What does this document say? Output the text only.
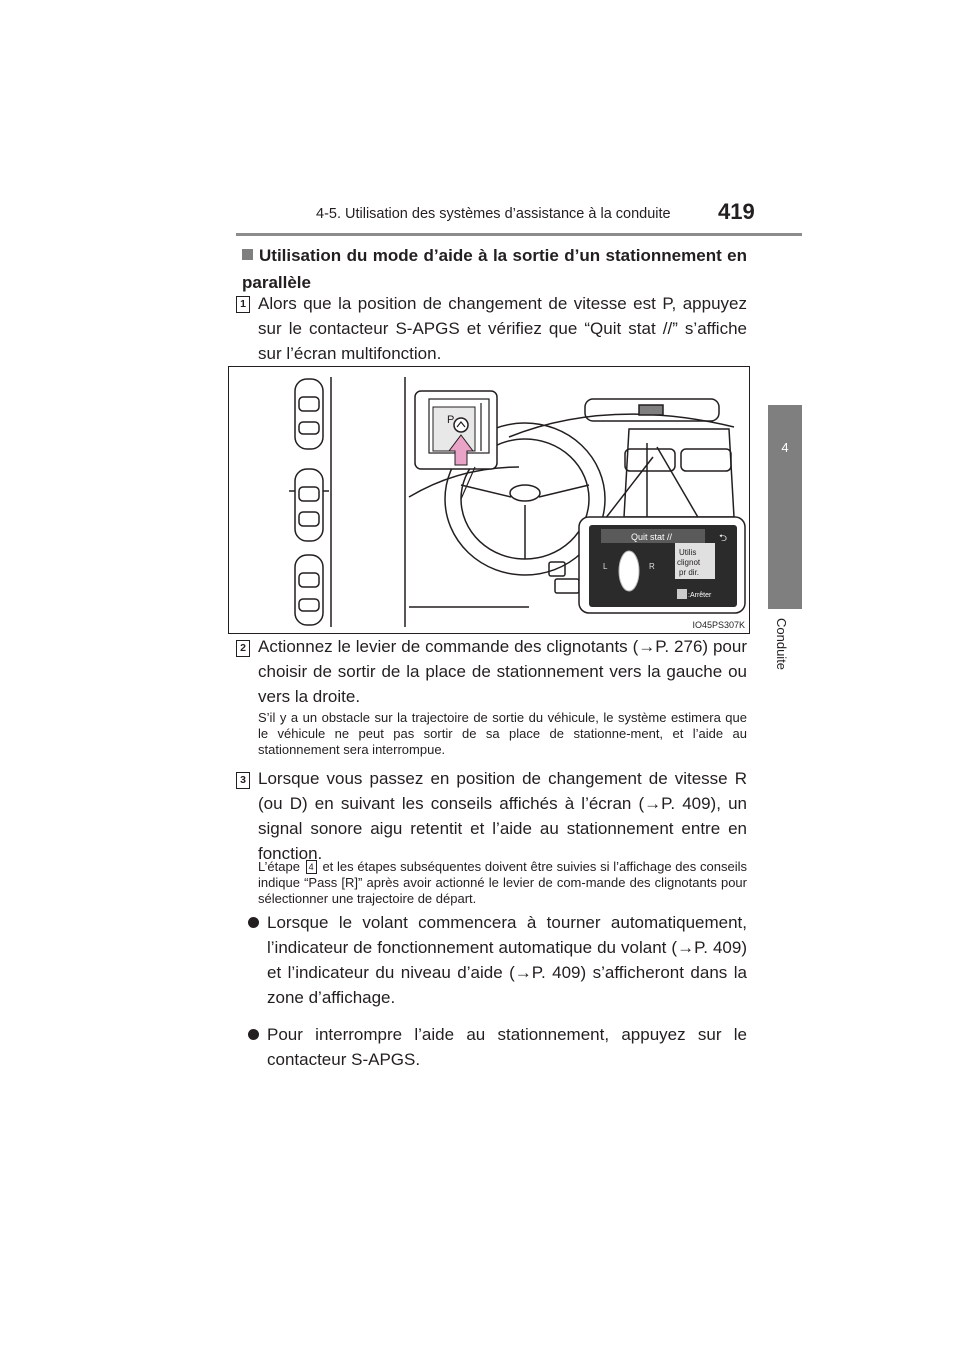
4-5. Utilisation des systèmes d’assistance à la conduite 419
4
Conduite
Utilisation du mode d’aide à la sortie d’un stationnement en parallèle
1 Alors que la position de changement de vitesse est P, appuyez sur le contacteur S-APGS et vérifiez que “Quit stat //” s’affiche sur l’écran multifonction.
P
Quit stat //	⮌
Utilis
clignot
pr dir.
L	R
:Arrêter
IO45PS307K
2 Actionnez le levier de commande des clignotants (→P. 276) pour choisir de sortir de la place de stationnement vers la gauche ou vers la droite.
S’il y a un obstacle sur la trajectoire de sortie du véhicule, le système estimera que le véhicule ne peut pas sortir de sa place de stationne-ment, et l’aide au stationnement sera interrompue.
3 Lorsque vous passez en position de changement de vitesse R (ou D) en suivant les conseils affichés à l’écran (→P. 409), un signal sonore aigu retentit et l’aide au stationnement entre en fonction.
L’étape 4 et les étapes subséquentes doivent être suivies si l’affichage des conseils indique “Pass [R]” après avoir actionné le levier de com-mande des clignotants pour sélectionner une trajectoire de départ.
Lorsque le volant commencera à tourner automatiquement, l’indicateur de fonctionnement automatique du volant (→P. 409) et l’indicateur du niveau d’aide (→P. 409) s’afficheront dans la zone d’affichage.
Pour interrompre l’aide au stationnement, appuyez sur le contacteur S-APGS.
